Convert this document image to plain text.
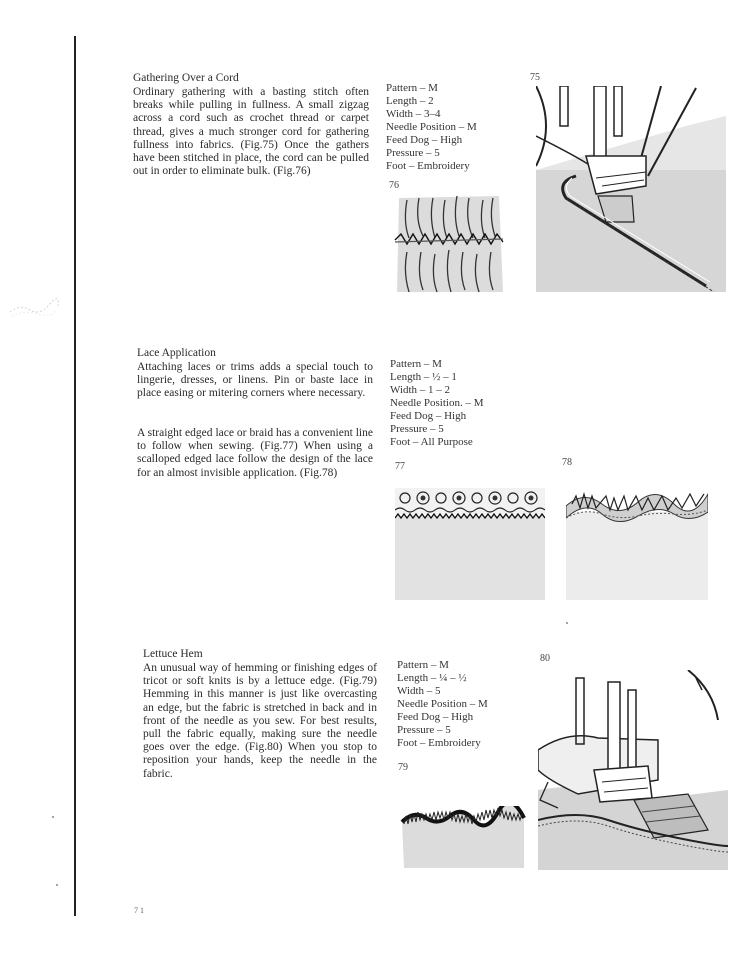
Gathering Over a Cord

Ordinary gathering with a basting stitch often breaks while pulling in fullness. A small zigzag across a cord such as crochet thread or carpet thread, gives a much stronger cord for gathering fullness into fabrics. (Fig.75) Once the gathers have been stitched in place, the cord can be pulled out in order to eliminate bulk. (Fig.76)

Pattern – M
Length – 2
Width – 3–4
Needle Position – M
Feed Dog – High
Pressure – 5
Foot – Embroidery
75
76
Lace Application

Attaching laces or trims adds a special touch to lingerie, dresses, or linens. Pin or baste lace in place easing or mitering corners where necessary.

A straight edged lace or braid has a convenient line to follow when sewing. (Fig.77) When using a scalloped edged lace follow the design of the lace for an almost invisible application. (Fig.78)

Pattern – M
Length – ½ – 1
Width – 1 – 2
Needle Position. – M
Feed Dog – High
Pressure – 5
Foot – All Purpose
77	78
Lettuce Hem

An unusual way of hemming or finishing edges of tricot or soft knits is by a lettuce edge. (Fig.79) Hemming in this manner is just like overcasting an edge, but the fabric is stretched in back and in front of the needle as you sew. For best results, pull the fabric equally, making sure the needle goes over the edge. (Fig.80) When you stop to reposition your hands, keep the needle in the fabric.

Pattern – M
Length – ¼ – ½
Width – 5
Needle Position – M
Feed Dog – High
Pressure – 5
Foot – Embroidery
79
80
7 1
